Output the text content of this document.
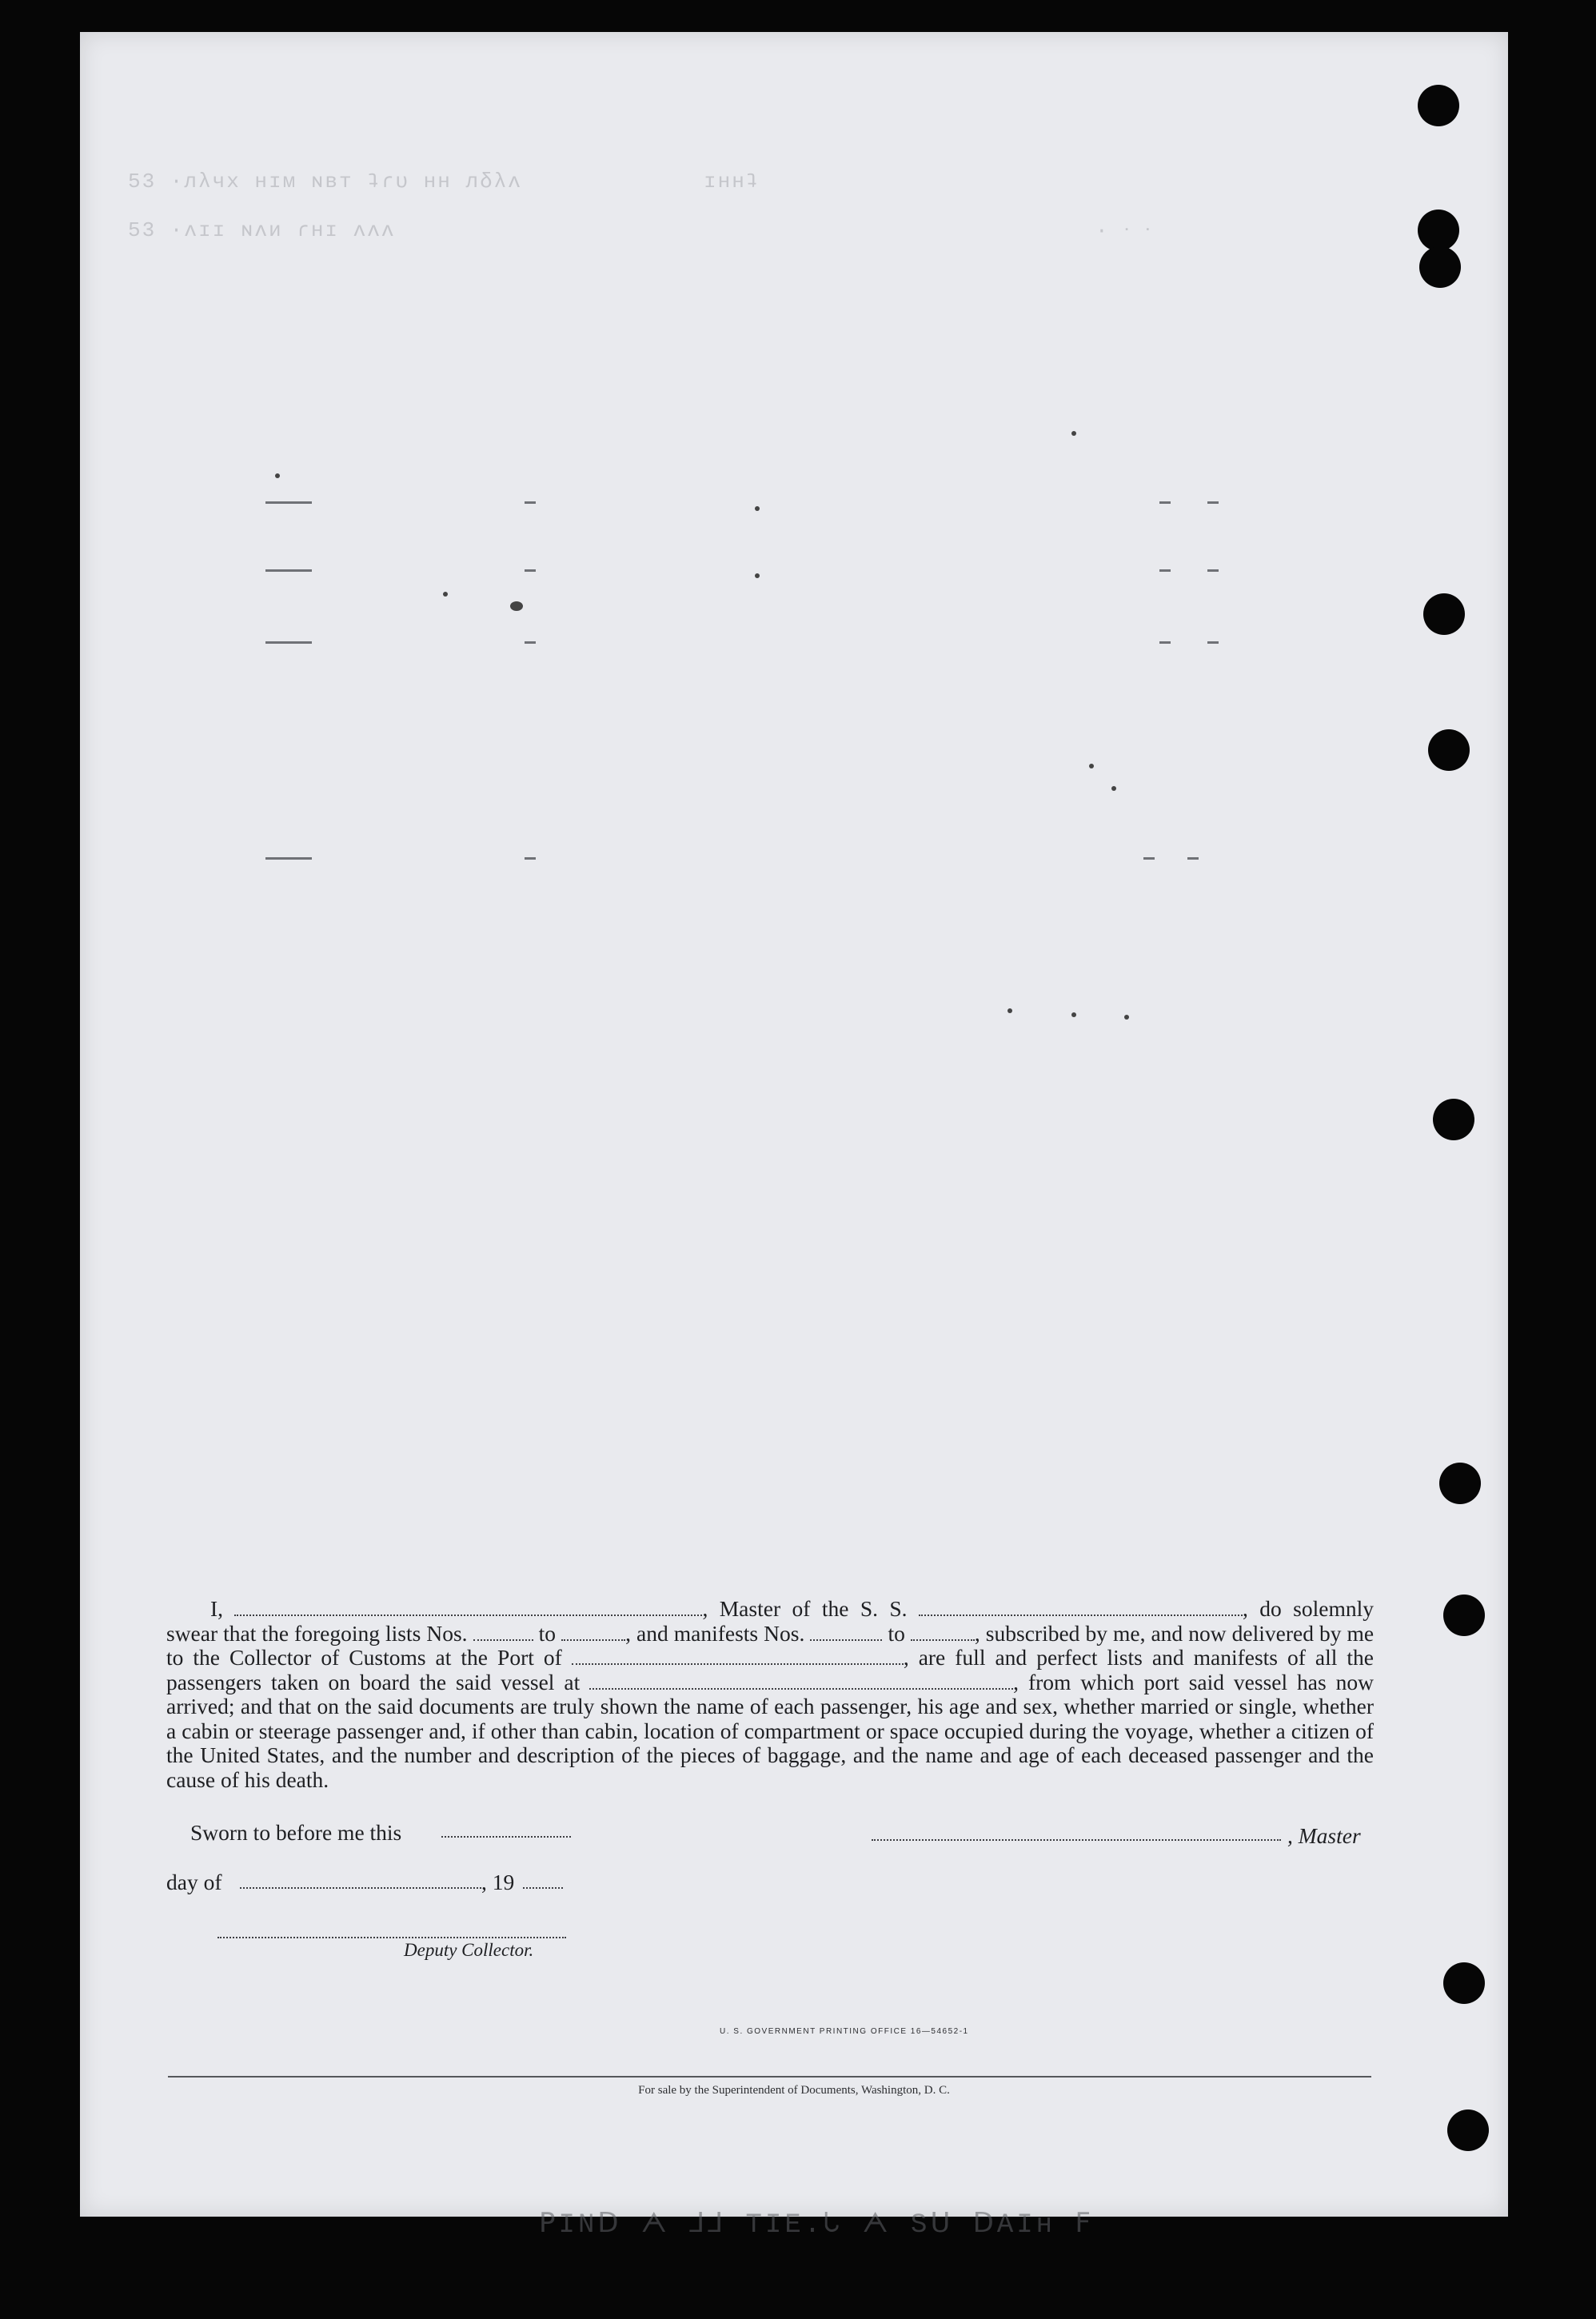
53 ·лλчх нɪм ɴвт ʇɾυ ʜʜ лδλʌ	ɪʜʜʇ
53 ·ʌɪɪ ɴʌи ɾʜɪ ʌʌʌ	· ᐧ ᐧ

I,	, Master of the S. S.	, do solemnly swear that the foregoing lists Nos.	to	, and manifests Nos.	to	, subscribed by me, and now delivered by me to the Collector of Customs at the Port of	, are full and perfect lists and manifests of all the passengers taken on board the said vessel at	, from which port said vessel has now arrived; and that on the said documents are truly shown the name of each passenger, his age and sex, whether married or single, whether a cabin or steerage passenger and, if other than cabin, location of compartment or space occupied during the voyage, whether a citizen of the United States, and the number and description of the pieces of baggage, and the name and age of each deceased passenger and the cause of his death.

Sworn to before me this	, Master
day of	, 19
Deputy Collector.
U. S. GOVERNMENT PRINTING OFFICE 16—54652-1
For sale by the Superintendent of Documents, Washington, D. C.
ꟻ ʜIAᗡ ᑌƧ ᗅ ᒍ.ƎIT ᒪᒪ ᗅ ᗡИIꟼ
